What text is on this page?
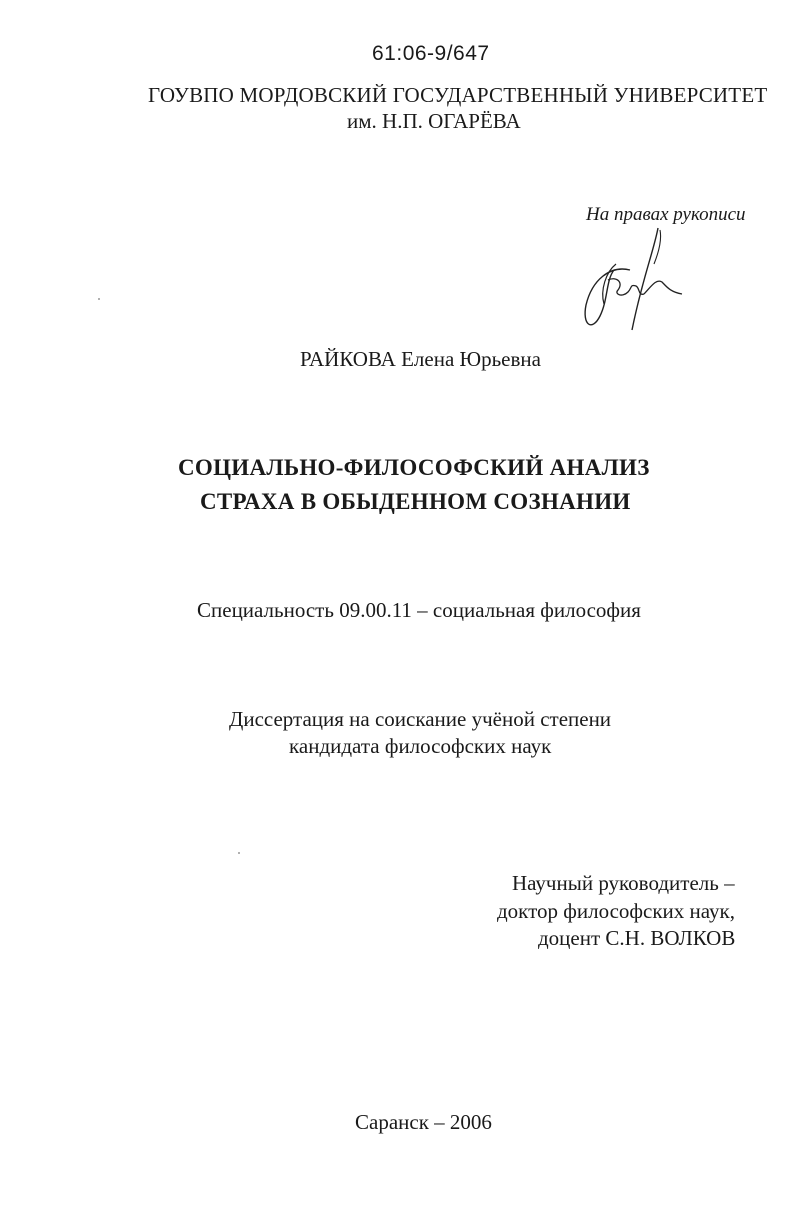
61:06-9/647
ГОУВПО МОРДОВСКИЙ ГОСУДАРСТВЕННЫЙ УНИВЕРСИТЕТ
им. Н.П. ОГАРЁВА
На правах рукописи
РАЙКОВА Елена Юрьевна
СОЦИАЛЬНО-ФИЛОСОФСКИЙ АНАЛИЗ
СТРАХА В ОБЫДЕННОМ СОЗНАНИИ
Специальность 09.00.11 – социальная философия
Диссертация на соискание учёной степени
кандидата философских наук
Научный руководитель –
доктор философских наук,
доцент С.Н. ВОЛКОВ
Саранск – 2006
